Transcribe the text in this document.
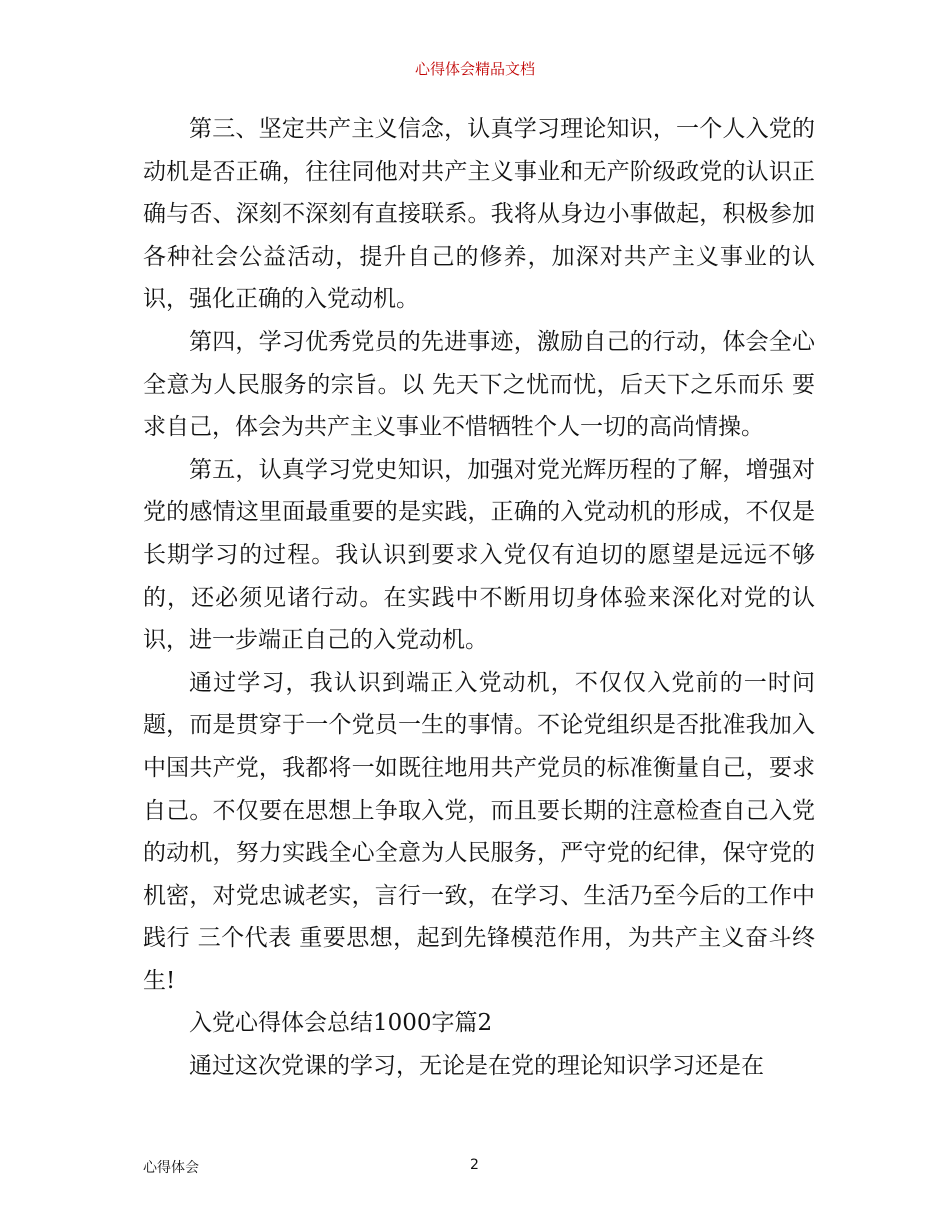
心得体会精品文档

第三、坚定共产主义信念，认真学习理论知识，一个人入党的动机是否正确，往往同他对共产主义事业和无产阶级政党的认识正确与否、深刻不深刻有直接联系。我将从身边小事做起，积极参加各种社会公益活动，提升自己的修养，加深对共产主义事业的认识，强化正确的入党动机。

第四，学习优秀党员的先进事迹，激励自己的行动，体会全心全意为人民服务的宗旨。以 先天下之忧而忧，后天下之乐而乐 要求自己，体会为共产主义事业不惜牺牲个人一切的高尚情操。

第五，认真学习党史知识，加强对党光辉历程的了解，增强对党的感情这里面最重要的是实践，正确的入党动机的形成，不仅是长期学习的过程。我认识到要求入党仅有迫切的愿望是远远不够的，还必须见诸行动。在实践中不断用切身体验来深化对党的认识，进一步端正自己的入党动机。

通过学习，我认识到端正入党动机，不仅仅入党前的一时问题，而是贯穿于一个党员一生的事情。不论党组织是否批准我加入中国共产党，我都将一如既往地用共产党员的标准衡量自己，要求自己。不仅要在思想上争取入党，而且要长期的注意检查自己入党的动机，努力实践全心全意为人民服务，严守党的纪律，保守党的机密，对党忠诚老实，言行一致，在学习、生活乃至今后的工作中践行 三个代表 重要思想，起到先锋模范作用，为共产主义奋斗终生!

入党心得体会总结1000字篇2

通过这次党课的学习，无论是在党的理论知识学习还是在

心得体会	2
